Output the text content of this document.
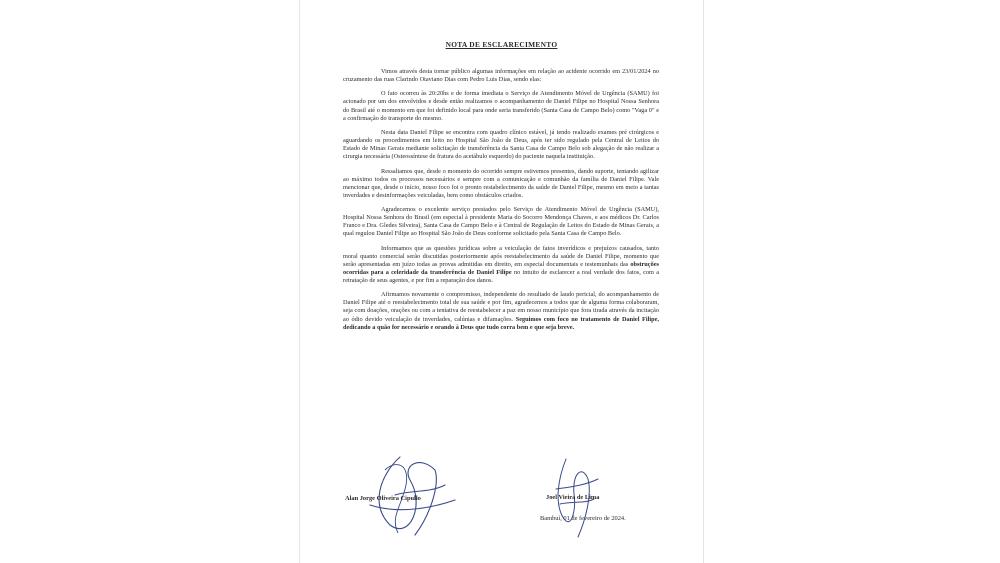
NOTA DE ESCLARECIMENTO

Vimos através desta tornar público algumas informações em relação ao acidente ocorrido em 23/01/2024 no cruzamento das ruas Clarindo Otaviano Dias com Pedro Luis Dias, sendo elas:

O fato ocorreu às 20:20hs e de forma imediata o Serviço de Atendimento Móvel de Urgência (SAMU) foi acionado por um dos envolvidos e desde então realizamos o acompanhamento de Daniel Filipe no Hospital Nossa Senhora do Brasil até o momento em que foi definido local para onde seria transferido (Santa Casa de Campo Belo) como "Vaga 0" e a confirmação do transporte do mesmo.

Nesta data Daniel Filipe se encontra com quadro clínico estável, já tendo realizado exames pré cirúrgicos e aguardando os procedimentos em leito no Hospital São João de Deus, após ter sido regulado pela Central de Leitos do Estado de Minas Gerais mediante solicitação de transferência da Santa Casa de Campo Belo sob alegação de não realizar a cirurgia necessária (Osteossíntese de fratura do acetábulo esquerdo) do paciente naquela instituição.

Ressaltamos que, desde o momento do ocorrido sempre estivemos presentes, dando suporte, tentando agilizar ao máximo todos os processos necessários e sempre com a comunicação e comunhão da família de Daniel Filipe. Vale mencionar que, desde o início, nosso foco foi o pronto restabelecimento da saúde de Daniel Filipe, mesmo em meio a tantas inverdades e desinformações veiculadas, bem como obstáculos criados.

Agradecemos o excelente serviço prestados pelo Serviço de Atendimento Móvel de Urgência (SAMU), Hospital Nossa Senhora do Brasil (em especial à presidente Maria do Socorro Mendonça Chaves, e aos médicos Dr. Carlos Franco e Dra. Gledes Silveira), Santa Casa de Campo Belo e à Central de Regulação de Leitos do Estado de Minas Gerais, a qual regulou Daniel Filipe ao Hospital São João de Deus conforme solicitado pela Santa Casa de Campo Belo.

Informamos que as questões jurídicas sobre a veiculação de fatos inverídicos e prejuízos causados, tanto moral quanto comercial serão discutidas posteriormente após reestabelecimento da saúde de Daniel Filipe, momento que serão apresentadas em juízo todas as provas admitidas em direito, em especial documentais e testemunhais das obstruções ocorridas para a celeridade da transferência de Daniel Filipe no intuito de esclarecer a real verdade dos fatos, com a retratação de seus agentes, e por fim a reparação dos danos.

Afirmamos novamente o compromisso, independente do resultado de laudo pericial, do acompanhamento de Daniel Filipe até o reestabelecimento total de sua saúde e por fim, agradecemos a todos que de alguma forma colaboraram, seja com doações, orações ou com a tentativa de reestabelecer a paz em nosso município que fora tirada através da incitação ao ódio devido veiculação de inverdades, calúnias e difamações. Seguimos com foco no tratamento de Daniel Filipe, dedicando a quão for necessário e orando à Deus que tudo corra bem e que seja breve.

Alan Jorge Oliveira Cipullo	Joel Vieira de Lima
Bambuí, 01 de fevereiro de 2024.
